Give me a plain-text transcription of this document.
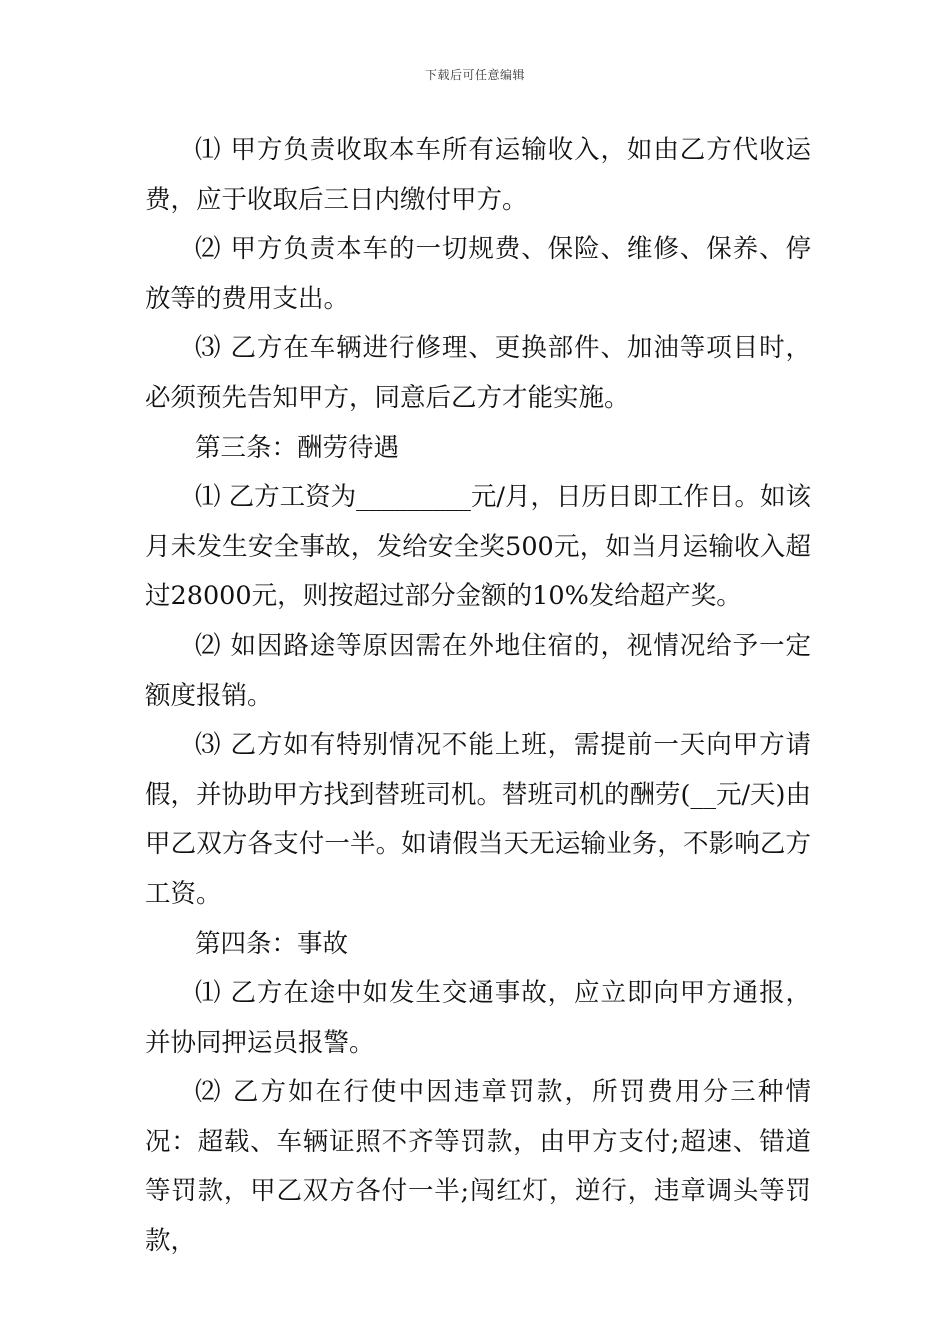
下载后可任意编辑

⑴ 甲方负责收取本车所有运输收入，如由乙方代收运费，应于收取后三日内缴付甲方。

⑵ 甲方负责本车的一切规费、保险、维修、保养、停放等的费用支出。

⑶ 乙方在车辆进行修理、更换部件、加油等项目时，必须预先告知甲方，同意后乙方才能实施。

第三条：酬劳待遇

⑴ 乙方工资为_________元/月，日历日即工作日。如该月未发生安全事故，发给安全奖500元，如当月运输收入超过28000元，则按超过部分金额的10%发给超产奖。

⑵ 如因路途等原因需在外地住宿的，视情况给予一定额度报销。

⑶ 乙方如有特别情况不能上班，需提前一天向甲方请假，并协助甲方找到替班司机。替班司机的酬劳(__元/天)由甲乙双方各支付一半。如请假当天无运输业务，不影响乙方工资。

第四条：事故

⑴ 乙方在途中如发生交通事故，应立即向甲方通报，并协同押运员报警。

⑵ 乙方如在行使中因违章罚款，所罚费用分三种情况：超载、车辆证照不齐等罚款，由甲方支付;超速、错道等罚款，甲乙双方各付一半;闯红灯，逆行，违章调头等罚款，
